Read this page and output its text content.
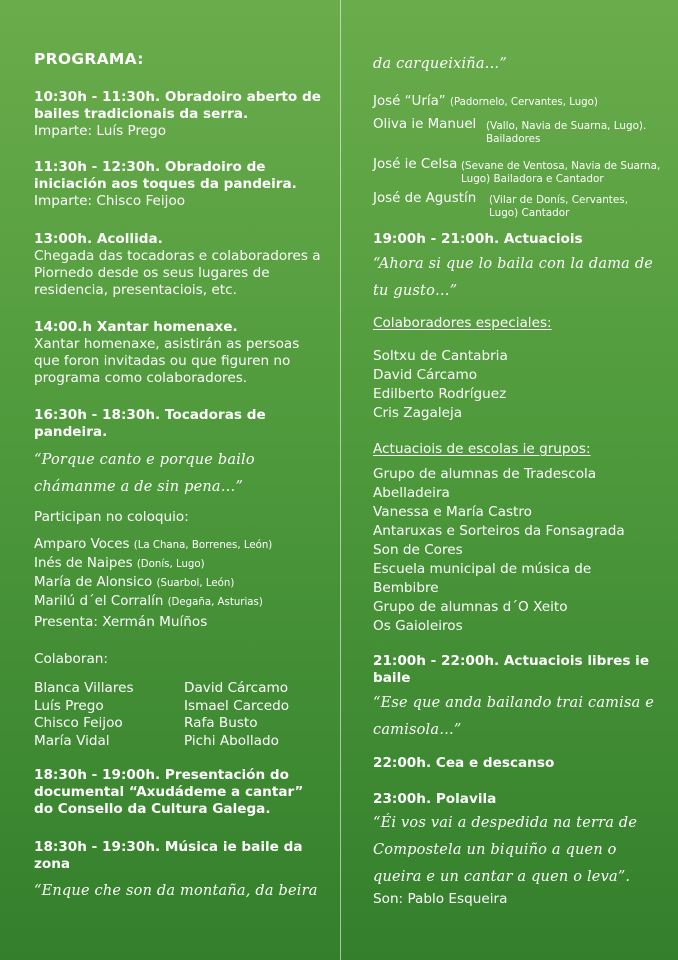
PROGRAMA:

10:30h - 11:30h. Obradoiro aberto de bailes tradicionais da serra.

Imparte: Luís Prego

11:30h - 12:30h. Obradoiro de iniciación aos toques da pandeira.

Imparte: Chisco Feijoo

13:00h. Acollida.

Chegada das tocadoras e colaboradores a Piornedo desde os seus lugares de residencia, presentaciois, etc.

14:00.h Xantar homenaxe.

Xantar homenaxe, asistirán as persoas que foron invitadas ou que figuren no programa como colaboradores.

16:30h - 18:30h. Tocadoras de pandeira.

“Porque canto e porque bailo chámanme a de sin pena…”

Participan no coloquio:

Amparo Voces (La Chana, Borrenes, León)
Inés de Naipes (Donís, Lugo)
María de Alonsico (Suarbol, León)
Marilú d´el Corralín (Degaña, Asturias)

Presenta: Xermán Muíños

Colaboran:

Blanca Villares

Luís Prego

Chisco Feijoo

María Vidal

David Cárcamo

Ismael Carcedo

Rafa Busto

Pichi Abollado

18:30h - 19:00h. Presentación do documental “Axudádeme a cantar” do Consello da Cultura Galega.

18:30h - 19:30h. Música ie baile da zona

“Enque che son da montaña, da beira

da carqueixiña…”

José “Uría” (Padornelo, Cervantes, Lugo)
Oliva ie Manuel (Vallo, Navia de Suarna, Lugo). Bailadores
José ie Celsa (Sevane de Ventosa, Navia de Suarna, Lugo) Bailadora e Cantador
José de Agustín (Vilar de Donís, Cervantes, Lugo) Cantador

19:00h - 21:00h. Actuaciois

“Ahora si que lo baila con la dama de tu gusto…”

Colaboradores especiales:

Soltxu de Cantabria

David Cárcamo

Edilberto Rodríguez

Cris Zagaleja

Actuaciois de escolas ie grupos:

Grupo de alumnas de Tradescola

Abelladeira

Vanessa e María Castro

Antaruxas e Sorteiros da Fonsagrada

Son de Cores

Escuela municipal de música de

Bembibre

Grupo de alumnas d´O Xeito

Os Gaioleiros

21:00h - 22:00h. Actuaciois libres ie baile

“Ese que anda bailando trai camisa e camisola…”

22:00h. Cea e descanso

23:00h. Polavila

“Éi vos vai a despedida na terra de Compostela un biquiño a quen o queira e un cantar a quen o leva”.

Son: Pablo Esqueira
